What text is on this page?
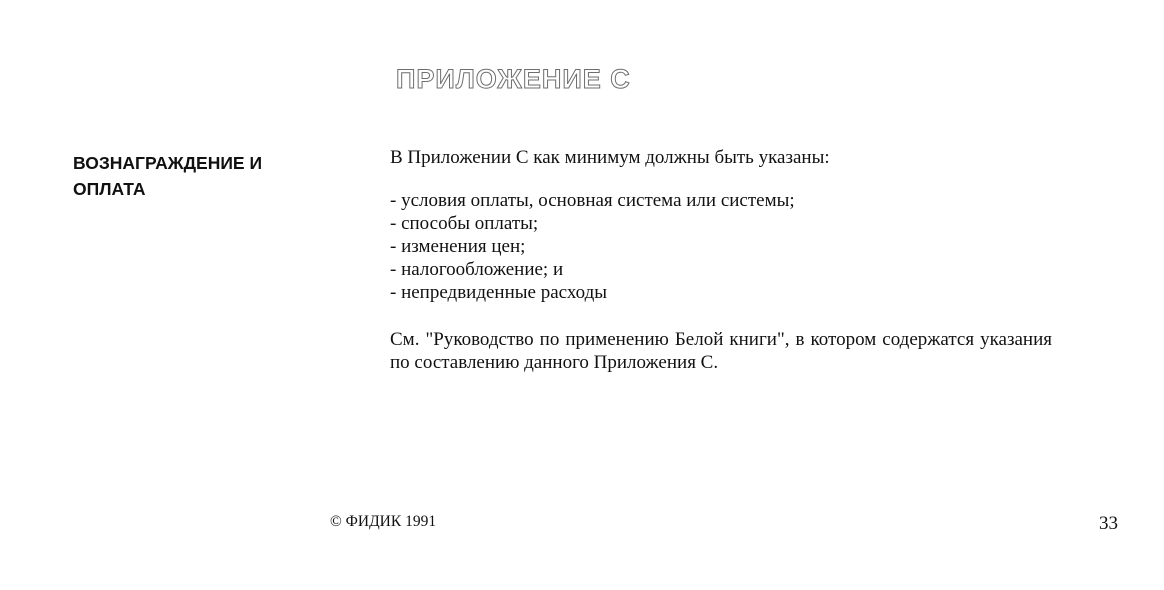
ПРИЛОЖЕНИЕ С
ВОЗНАГРАЖДЕНИЕ И
ОПЛАТА

В Приложении С как минимум должны быть указаны:

- условия оплаты, основная система или системы;
- способы оплаты;
- изменения цен;
- налогообложение; и
- непредвиденные расходы

См. "Руководство по применению Белой книги", в котором содержатся указания по составлению данного Приложения С.

© ФИДИК 1991	33
